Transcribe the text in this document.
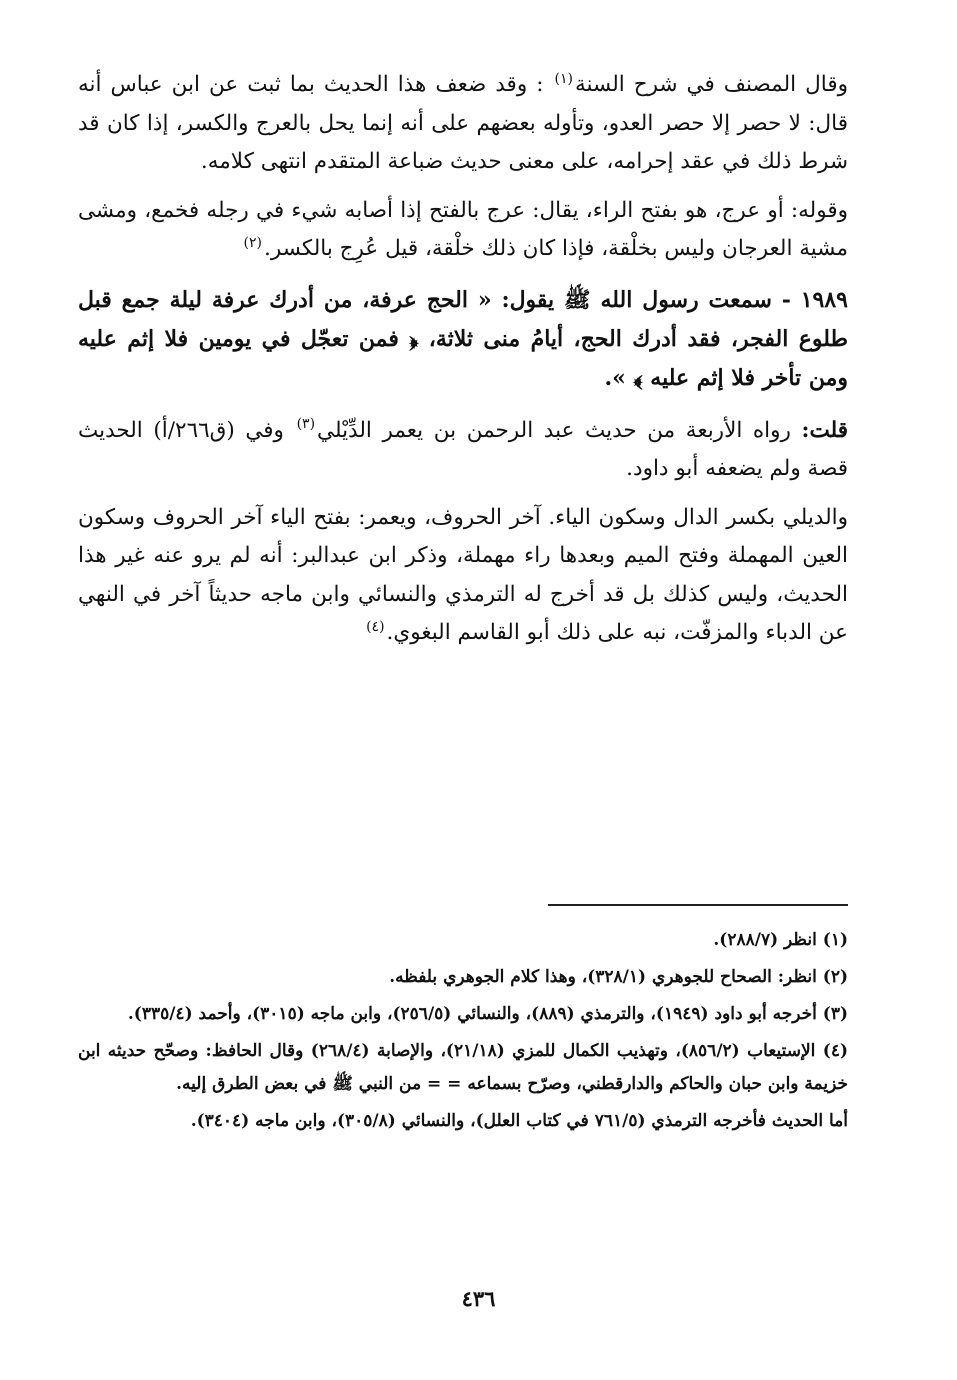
وقال المصنف في شرح السنة$^{(١)}$ : وقد ضعف هذا الحديث بما ثبت عن ابن عباس أنه قال: لا حصر إلا حصر العدو، وتأوله بعضهم على أنه إنما يحل بالعرج والكسر، إذا كان قد شرط ذلك في عقد إحرامه، على معنى حديث ضباعة المتقدم انتهى كلامه.

وقوله: أو عرج، هو بفتح الراء، يقال: عرج بالفتح إذا أصابه شيء في رجله فخمع، ومشى مشية العرجان وليس بخلْقة، فإذا كان ذلك خلْقة، قيل عُرِج بالكسر.$^{(٢)}$

١٩٨٩ - سمعت رسول الله ﷺ يقول: « الحج عرفة، من أدرك عرفة ليلة جمع قبل طلوع الفجر، فقد أدرك الحج، أيامُ منى ثلاثة، ﴿ فمن تعجّل في يومين فلا إثم عليه ومن تأخر فلا إثم عليه ﴾ ».

قلت: رواه الأربعة من حديث عبد الرحمن بن يعمر الدِّيْلي$^{(٣)}$ وفي (ق٢٦٦/أ) الحديث قصة ولم يضعفه أبو داود.

والديلي بكسر الدال وسكون الياء. آخر الحروف، ويعمر: بفتح الياء آخر الحروف وسكون العين المهملة وفتح الميم وبعدها راء مهملة، وذكر ابن عبدالبر: أنه لم يرو عنه غير هذا الحديث، وليس كذلك بل قد أخرج له الترمذي والنسائي وابن ماجه حديثاً آخر في النهي عن الدباء والمزفّت، نبه على ذلك أبو القاسم البغوي.$^{(٤)}$

(١) انظر (٢٨٨/٧).

(٢) انظر: الصحاح للجوهري (٣٢٨/١)، وهذا كلام الجوهري بلفظه.

(٣) أخرجه أبو داود (١٩٤٩)، والترمذي (٨٨٩)، والنسائي (٢٥٦/٥)، وابن ماجه (٣٠١٥)، وأحمد (٣٣٥/٤).

(٤) الإستيعاب (٨٥٦/٢)، وتهذيب الكمال للمزي (٢١/١٨)، والإصابة (٢٦٨/٤) وقال الحافظ: وصحّح حديثه ابن خزيمة وابن حبان والحاكم والدارقطني، وصرّح بسماعه = = من النبي ﷺ في بعض الطرق إليه.

أما الحديث فأخرجه الترمذي (٧٦١/٥ في كتاب العلل)، والنسائي (٣٠٥/٨)، وابن ماجه (٣٤٠٤).

٤٣٦
